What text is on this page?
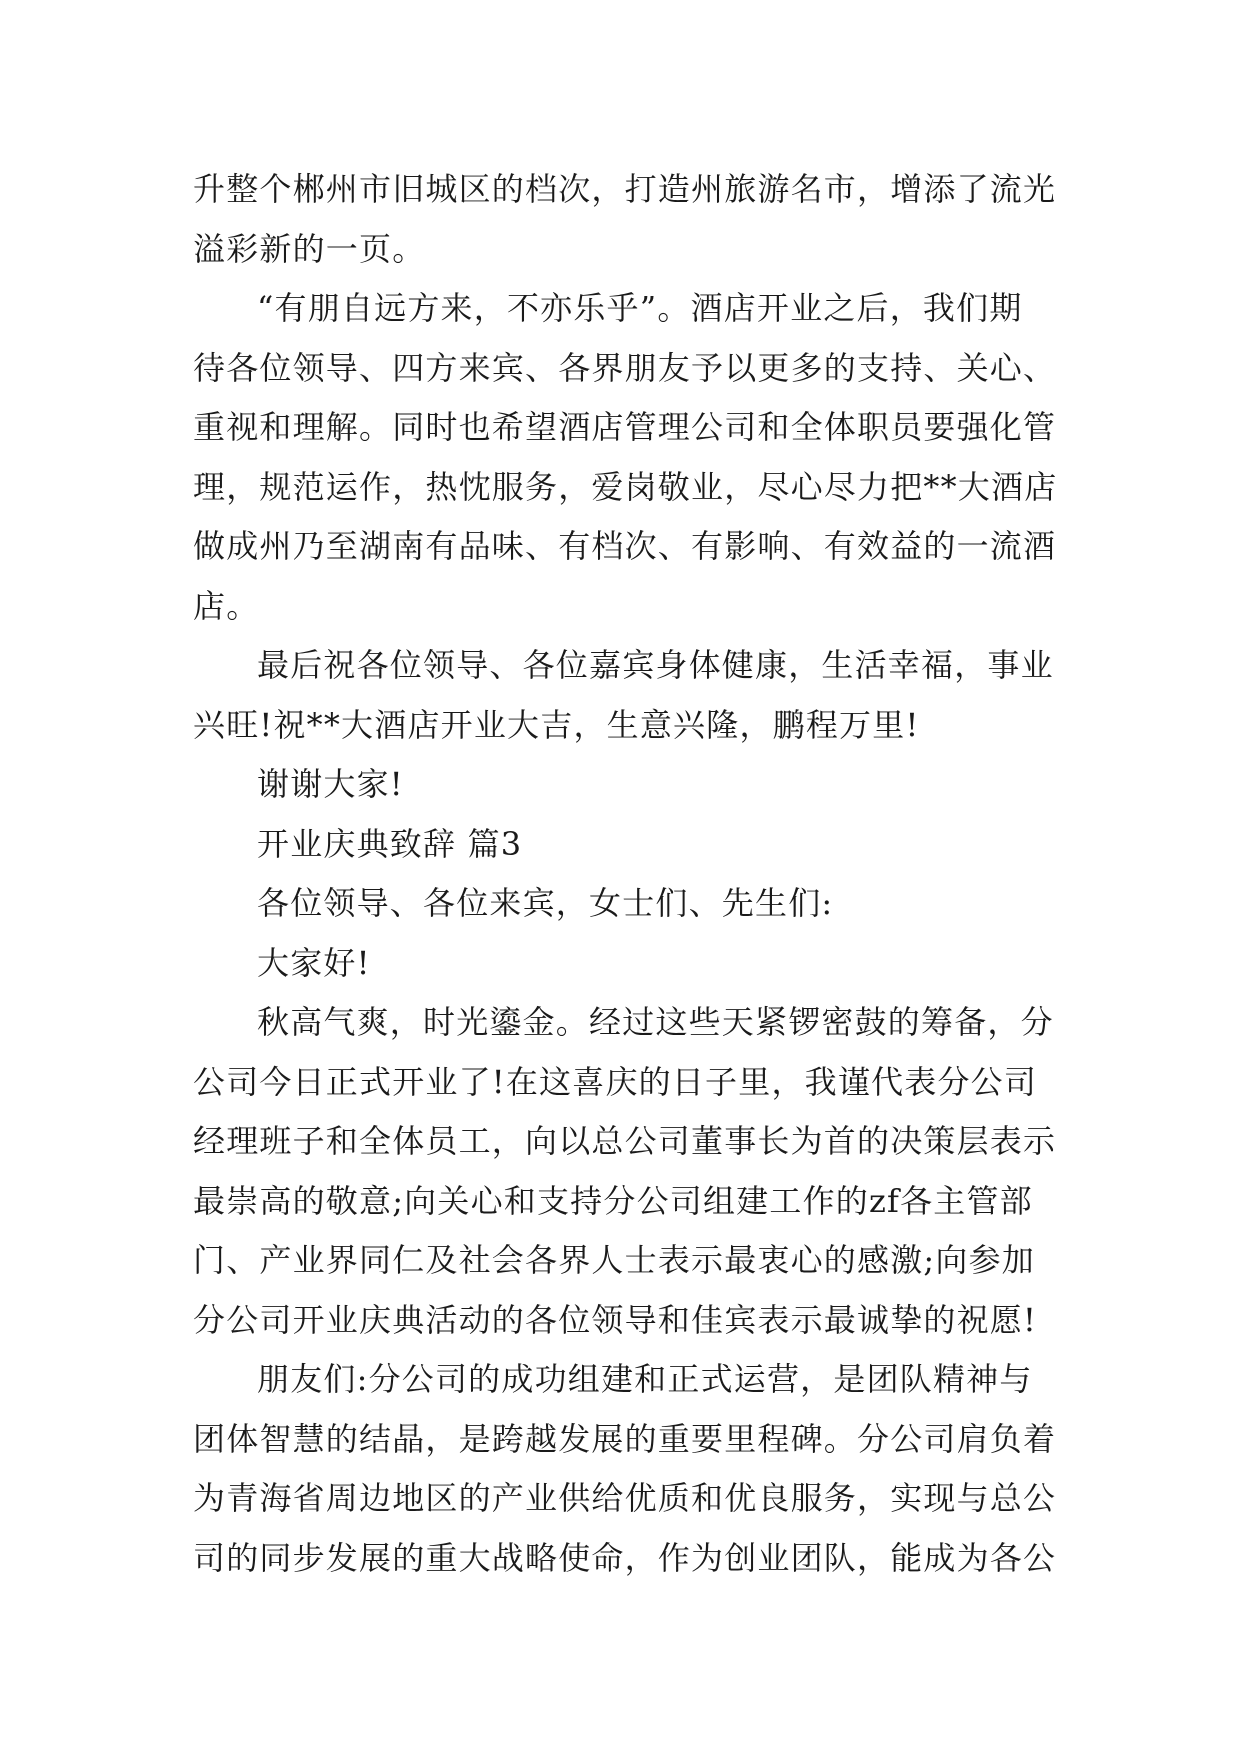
升整个郴州市旧城区的档次，打造州旅游名市，增添了流光
溢彩新的一页。
“有朋自远方来，不亦乐乎”。酒店开业之后，我们期
待各位领导、四方来宾、各界朋友予以更多的支持、关心、
重视和理解。同时也希望酒店管理公司和全体职员要强化管
理，规范运作，热忱服务，爱岗敬业，尽心尽力把**大酒店
做成州乃至湖南有品味、有档次、有影响、有效益的一流酒
店。
最后祝各位领导、各位嘉宾身体健康，生活幸福，事业
兴旺!祝**大酒店开业大吉，生意兴隆，鹏程万里!
谢谢大家!
开业庆典致辞 篇3
各位领导、各位来宾，女士们、先生们:
大家好!
秋高气爽，时光鎏金。经过这些天紧锣密鼓的筹备，分
公司今日正式开业了!在这喜庆的日子里，我谨代表分公司
经理班子和全体员工，向以总公司董事长为首的决策层表示
最崇高的敬意;向关心和支持分公司组建工作的zf各主管部
门、产业界同仁及社会各界人士表示最衷心的感激;向参加
分公司开业庆典活动的各位领导和佳宾表示最诚挚的祝愿!
朋友们:分公司的成功组建和正式运营，是团队精神与
团体智慧的结晶，是跨越发展的重要里程碑。分公司肩负着
为青海省周边地区的产业供给优质和优良服务，实现与总公
司的同步发展的重大战略使命，作为创业团队，能成为各公
